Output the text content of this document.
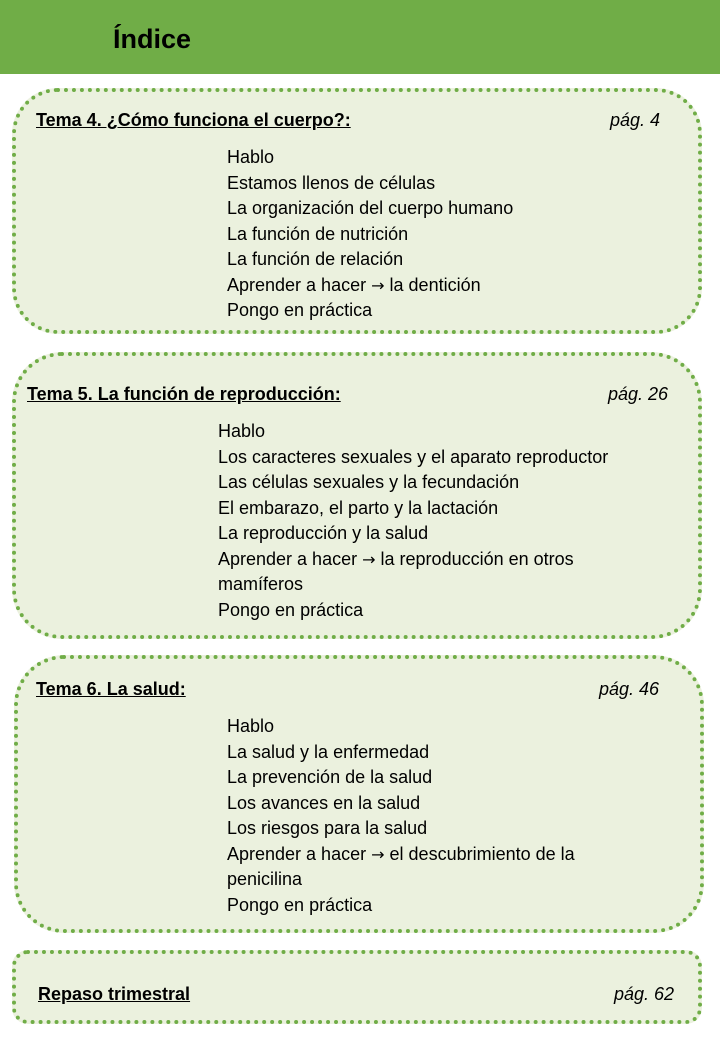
Índice
Tema 4. ¿Cómo funciona el cuerpo?:	pág. 4
Hablo
Estamos llenos de células
La organización del cuerpo humano
La función de nutrición
La función de relación
Aprender a hacer → la dentición
Pongo en práctica
Tema 5. La función de reproducción:	pág. 26
Hablo
Los caracteres sexuales y el aparato reproductor
Las células sexuales y la fecundación
El embarazo, el parto y la lactación
La reproducción y la salud
Aprender a hacer → la reproducción en otros
mamíferos
Pongo en práctica
Tema 6. La salud:	pág. 46
Hablo
La salud y la enfermedad
La prevención de la salud
Los avances en la salud
Los riesgos para la salud
Aprender a hacer → el descubrimiento de la
penicilina
Pongo en práctica
Repaso trimestral	pág. 62
